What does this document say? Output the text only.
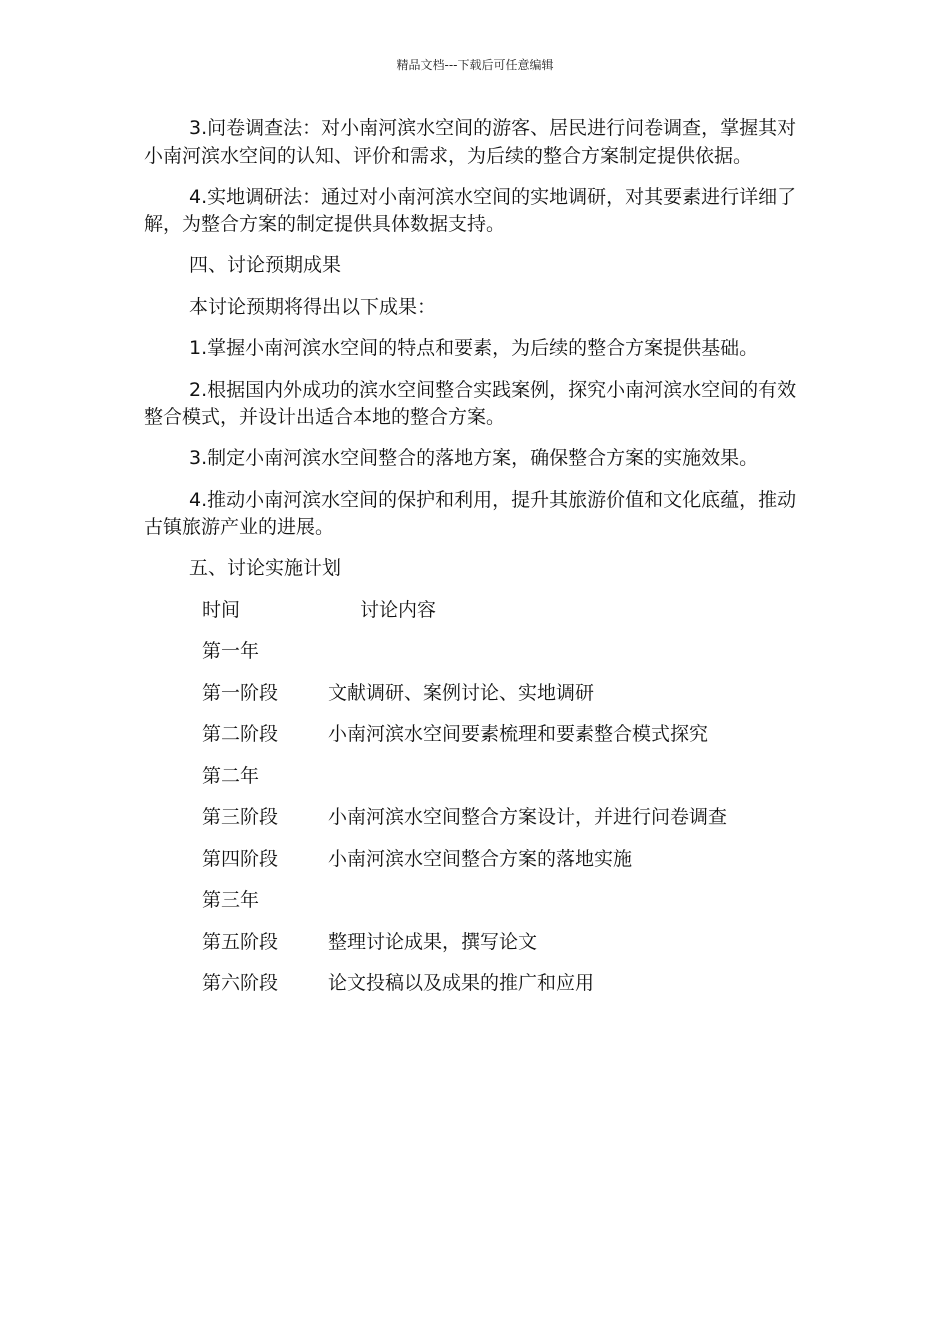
精品文档---下载后可任意编辑

3.问卷调查法：对小南河滨水空间的游客、居民进行问卷调查，掌握其对小南河滨水空间的认知、评价和需求，为后续的整合方案制定提供依据。

4.实地调研法：通过对小南河滨水空间的实地调研，对其要素进行详细了解，为整合方案的制定提供具体数据支持。

四、讨论预期成果

本讨论预期将得出以下成果：

1.掌握小南河滨水空间的特点和要素，为后续的整合方案提供基础。

2.根据国内外成功的滨水空间整合实践案例，探究小南河滨水空间的有效整合模式，并设计出适合本地的整合方案。

3.制定小南河滨水空间整合的落地方案，确保整合方案的实施效果。

4.推动小南河滨水空间的保护和利用，提升其旅游价值和文化底蕴，推动古镇旅游产业的进展。

五、讨论实施计划

时间	讨论内容
第一年
第一阶段	文献调研、案例讨论、实地调研
第二阶段	小南河滨水空间要素梳理和要素整合模式探究
第二年
第三阶段	小南河滨水空间整合方案设计，并进行问卷调查
第四阶段	小南河滨水空间整合方案的落地实施
第三年
第五阶段	整理讨论成果，撰写论文
第六阶段	论文投稿以及成果的推广和应用
